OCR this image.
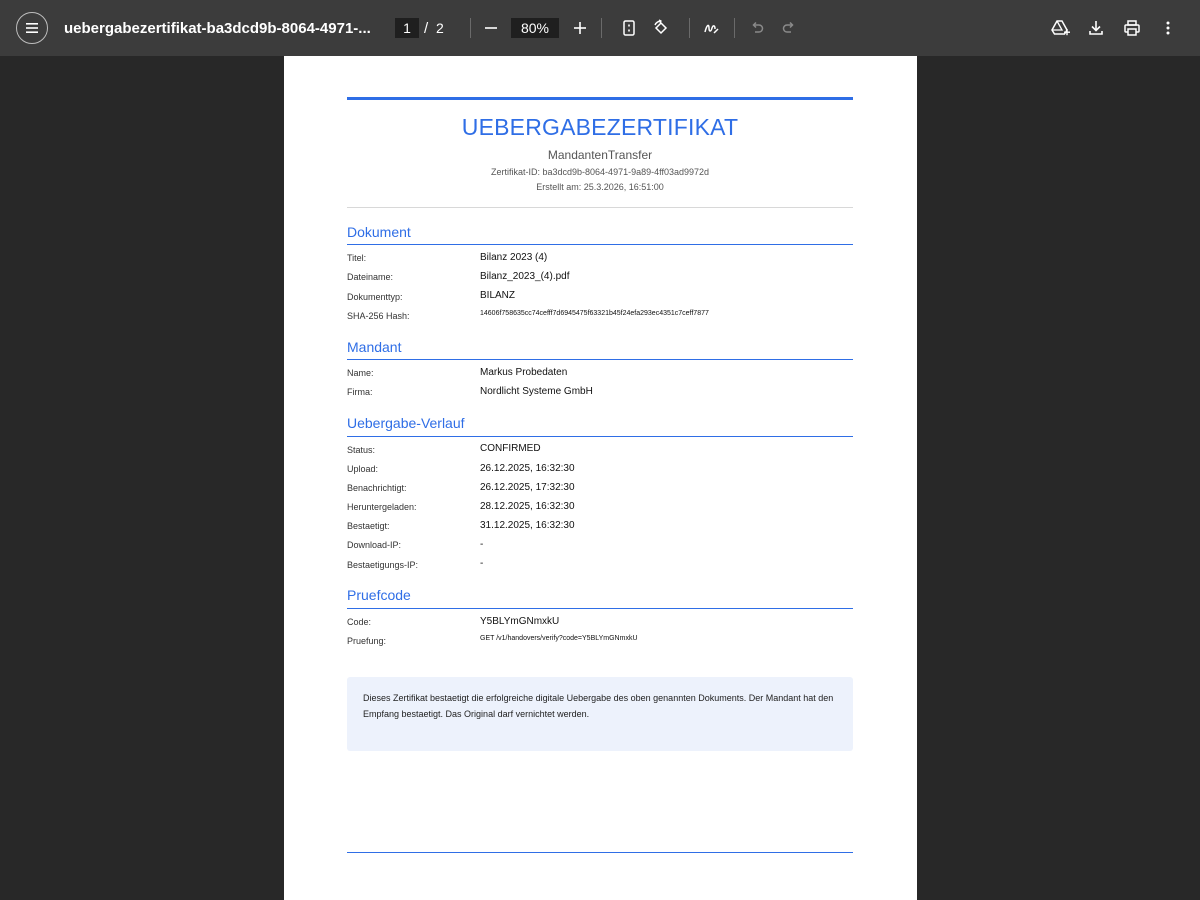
uebergabezertifikat-ba3dcd9b-8064-4971-...
1	/ 2
80%
UEBERGABEZERTIFIKAT
MandantenTransfer
Zertifikat-ID: ba3dcd9b-8064-4971-9a89-4ff03ad9972d
Erstellt am: 25.3.2026, 16:51:00
Dokument
Titel:	Bilanz 2023 (4)
Dateiname:	Bilanz_2023_(4).pdf
Dokumenttyp:	BILANZ
SHA-256 Hash:	14606f758635cc74cefff7d6945475f63321b45f24efa293ec4351c7ceff7877
Mandant
Name:	Markus Probedaten
Firma:	Nordlicht Systeme GmbH
Uebergabe-Verlauf
Status:	CONFIRMED
Upload:	26.12.2025, 16:32:30
Benachrichtigt:	26.12.2025, 17:32:30
Heruntergeladen:	28.12.2025, 16:32:30
Bestaetigt:	31.12.2025, 16:32:30
Download-IP:	-
Bestaetigungs-IP:	-
Pruefcode
Code:	Y5BLYmGNmxkU
Pruefung:	GET /v1/handovers/verify?code=Y5BLYmGNmxkU
Dieses Zertifikat bestaetigt die erfolgreiche digitale Uebergabe des oben genannten Dokuments. Der Mandant hat den Empfang bestaetigt. Das Original darf vernichtet werden.
